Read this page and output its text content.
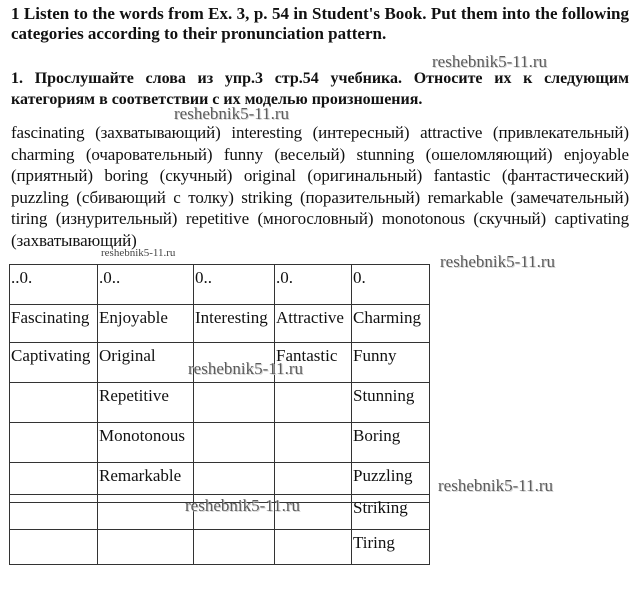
1 Listen to the words from Ex. 3, p. 54 in Student's Book. Put them into the following categories according to their pronunciation pattern.
reshebnik5-11.ru
1. Прослушайте слова из упр.3 стр.54 учебника. Относите их к следующим категориям в соответствии с их моделью произношения.
reshebnik5-11.ru
fascinating (захватывающий) interesting (интересный) attractive (привлекательный) charming (очаровательный) funny (веселый) stunning (ошеломляющий) enjoyable (приятный) boring (скучный) original (оригинальный) fantastic (фантастический) puzzling (сбивающий с толку) striking (поразительный) remarkable (замечательный) tiring (изнурительный) repetitive (многословный) monotonous (скучный) captivating (захватывающий)
..0.	.0..	0..	.0.	0.
Fascinating	Enjoyable	Interesting	Attractive	Charming
Captivating	Original		Fantastic	Funny
	Repetitive			Stunning
	Monotonous			Boring
	Remarkable			Puzzling
				Striking
				Tiring
reshebnik5-11.ru	reshebnik5-11.ru
reshebnik5-11.ru
reshebnik5-11.ru
reshebnik5-11.ru
